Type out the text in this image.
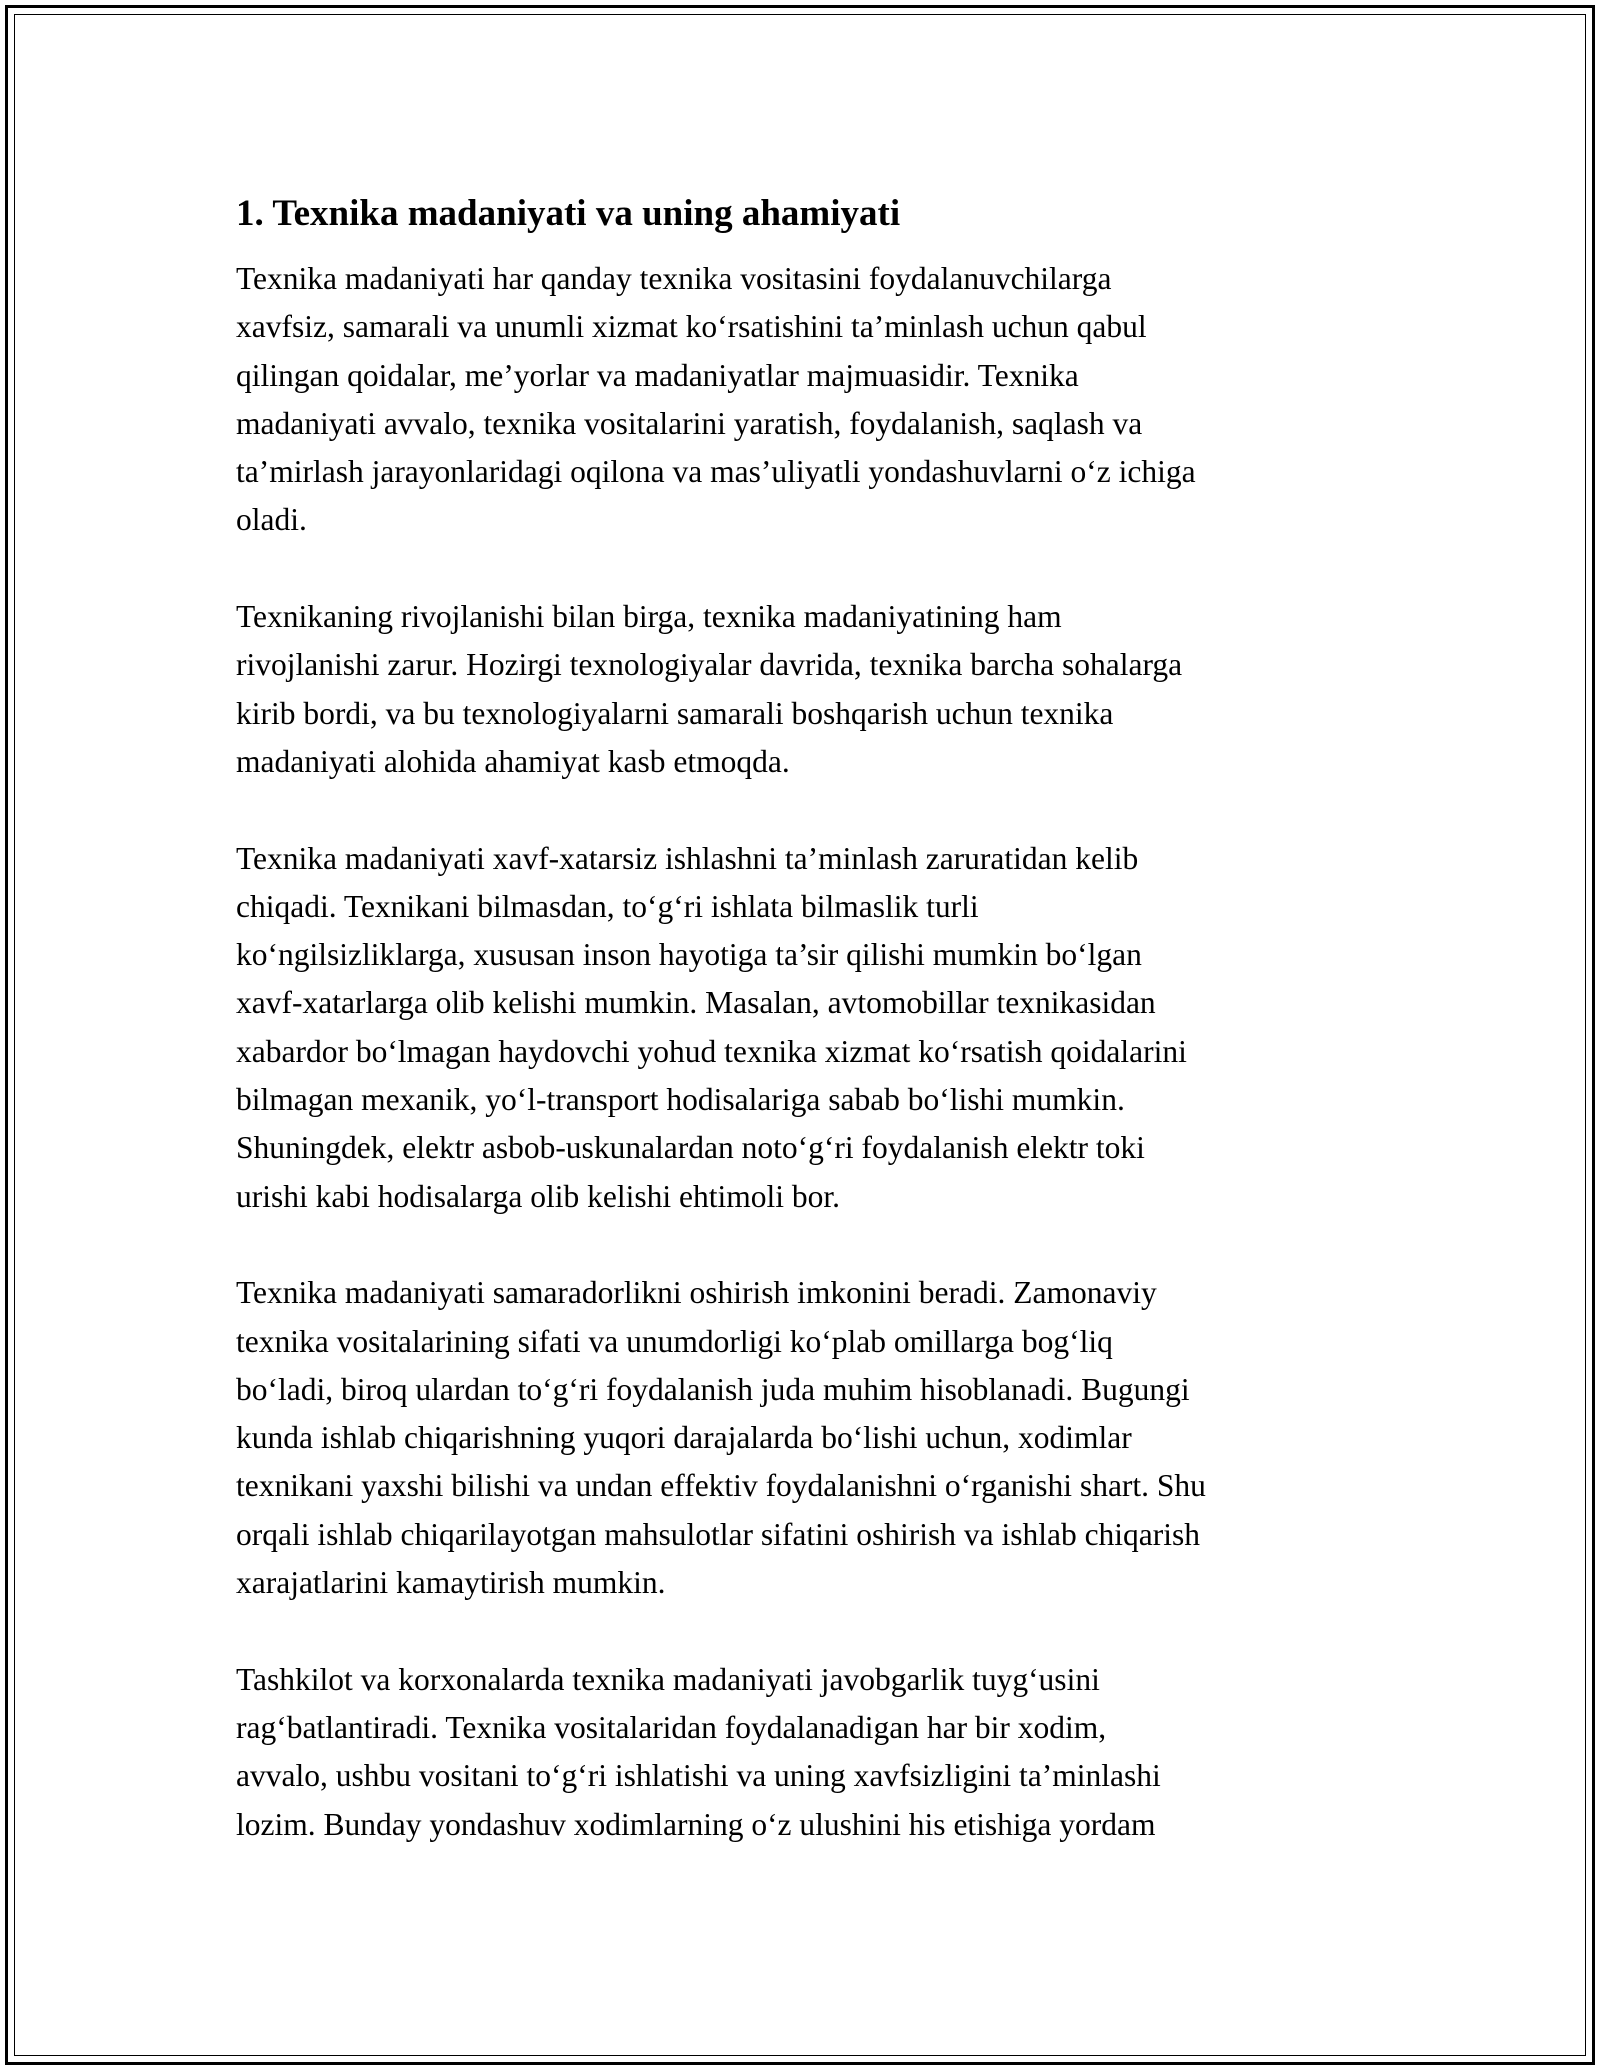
1. Texnika madaniyati va uning ahamiyati

Texnika madaniyati har qanday texnika vositasini foydalanuvchilarga
xavfsiz, samarali va unumli xizmat ko‘rsatishini ta’minlash uchun qabul
qilingan qoidalar, me’yorlar va madaniyatlar majmuasidir. Texnika
madaniyati avvalo, texnika vositalarini yaratish, foydalanish, saqlash va
ta’mirlash jarayonlaridagi oqilona va mas’uliyatli yondashuvlarni o‘z ichiga
oladi.

Texnikaning rivojlanishi bilan birga, texnika madaniyatining ham
rivojlanishi zarur. Hozirgi texnologiyalar davrida, texnika barcha sohalarga
kirib bordi, va bu texnologiyalarni samarali boshqarish uchun texnika
madaniyati alohida ahamiyat kasb etmoqda.

Texnika madaniyati xavf-xatarsiz ishlashni ta’minlash zaruratidan kelib
chiqadi. Texnikani bilmasdan, to‘g‘ri ishlata bilmaslik turli
ko‘ngilsizliklarga, xususan inson hayotiga ta’sir qilishi mumkin bo‘lgan
xavf-xatarlarga olib kelishi mumkin. Masalan, avtomobillar texnikasidan
xabardor bo‘lmagan haydovchi yohud texnika xizmat ko‘rsatish qoidalarini
bilmagan mexanik, yo‘l-transport hodisalariga sabab bo‘lishi mumkin.
Shuningdek, elektr asbob-uskunalardan noto‘g‘ri foydalanish elektr toki
urishi kabi hodisalarga olib kelishi ehtimoli bor.

Texnika madaniyati samaradorlikni oshirish imkonini beradi. Zamonaviy
texnika vositalarining sifati va unumdorligi ko‘plab omillarga bog‘liq
bo‘ladi, biroq ulardan to‘g‘ri foydalanish juda muhim hisoblanadi. Bugungi
kunda ishlab chiqarishning yuqori darajalarda bo‘lishi uchun, xodimlar
texnikani yaxshi bilishi va undan effektiv foydalanishni o‘rganishi shart. Shu
orqali ishlab chiqarilayotgan mahsulotlar sifatini oshirish va ishlab chiqarish
xarajatlarini kamaytirish mumkin.

Tashkilot va korxonalarda texnika madaniyati javobgarlik tuyg‘usini
rag‘batlantiradi. Texnika vositalaridan foydalanadigan har bir xodim,
avvalo, ushbu vositani to‘g‘ri ishlatishi va uning xavfsizligini ta’minlashi
lozim. Bunday yondashuv xodimlarning o‘z ulushini his etishiga yordam
